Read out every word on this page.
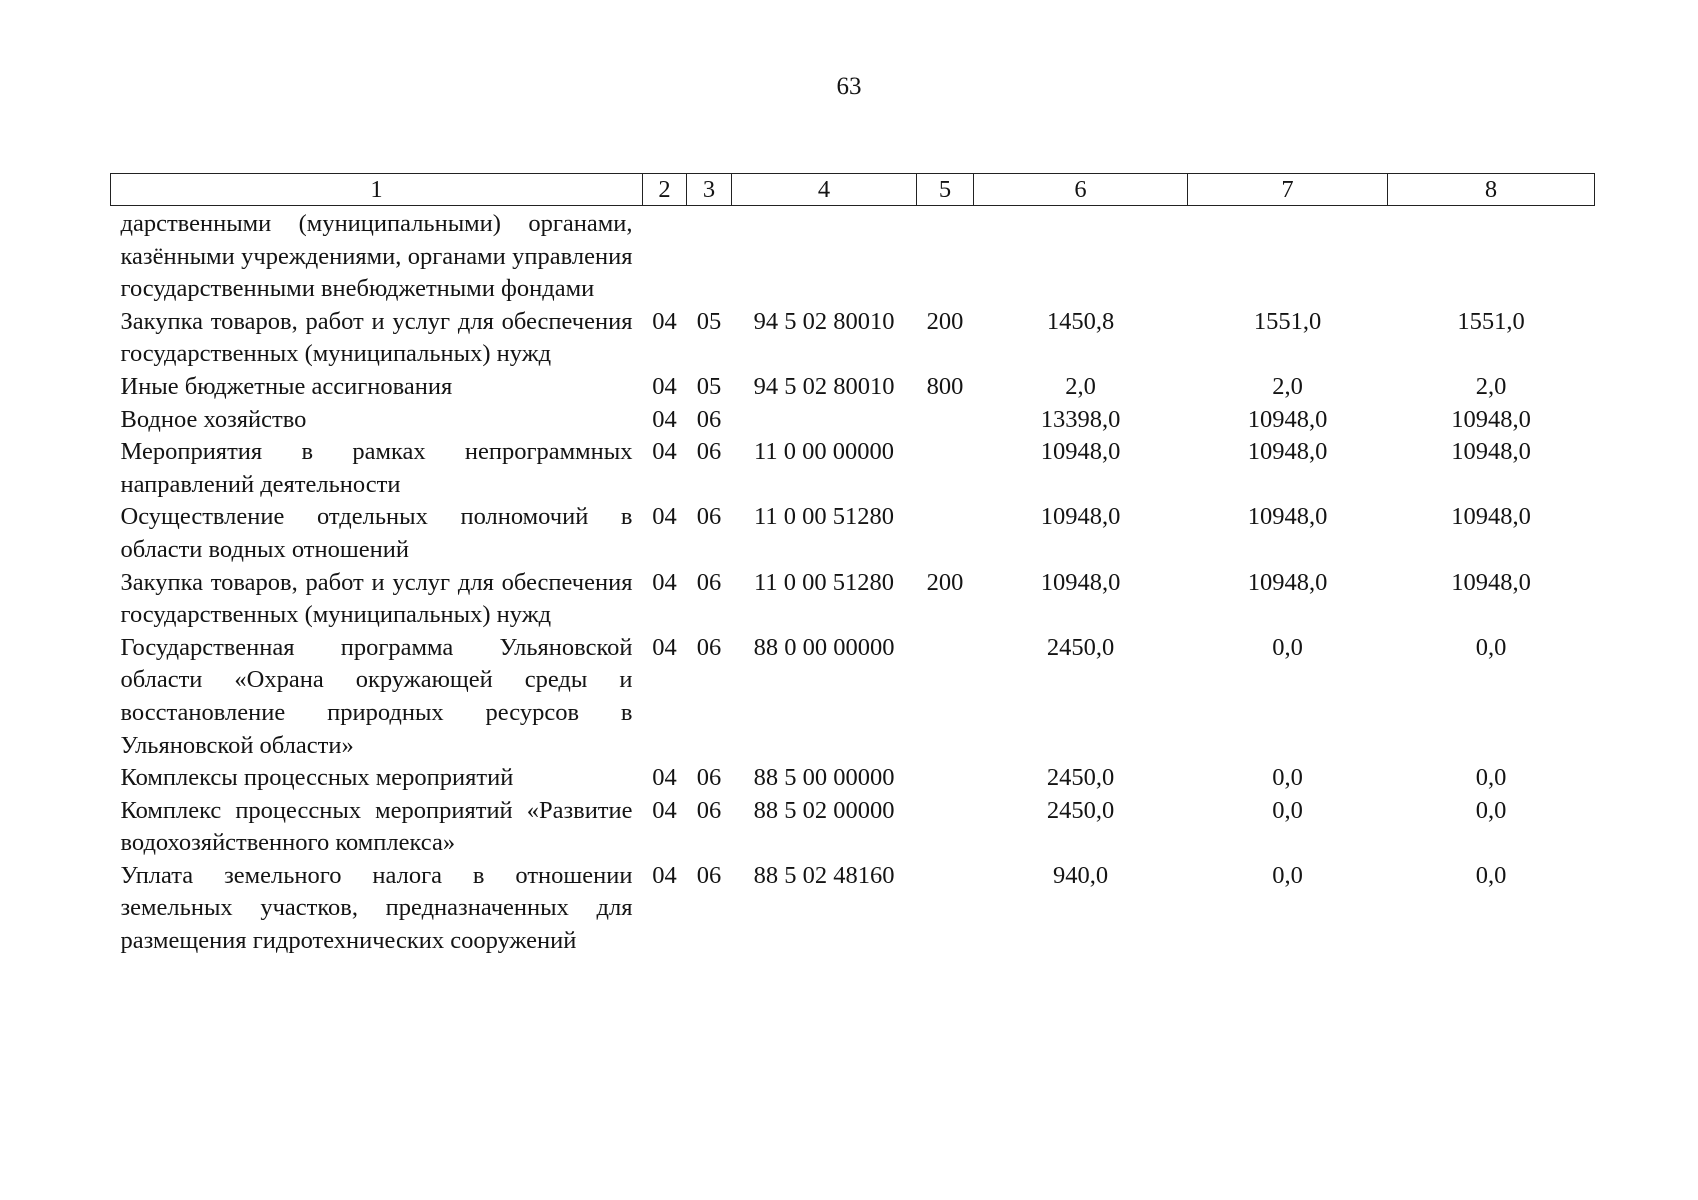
63
1	2	3	4	5	6	7	8
дарственными (муниципальными) органами, казёнными учреждениями, органами управления государственными внебюджетными фондами							
Закупка товаров, работ и услуг для обеспечения государственных (муниципальных) нужд	04	05	94 5 02 80010	200	1450,8	1551,0	1551,0
Иные бюджетные ассигнования	04	05	94 5 02 80010	800	2,0	2,0	2,0
Водное хозяйство	04	06			13398,0	10948,0	10948,0
Мероприятия в рамках непрограммных направлений деятельности	04	06	11 0 00 00000		10948,0	10948,0	10948,0
Осуществление отдельных полномочий в области водных отношений	04	06	11 0 00 51280		10948,0	10948,0	10948,0
Закупка товаров, работ и услуг для обеспечения государственных (муниципальных) нужд	04	06	11 0 00 51280	200	10948,0	10948,0	10948,0
Государственная программа Ульяновской области «Охрана окружающей среды и восстановление природных ресурсов в Ульяновской области»	04	06	88 0 00 00000		2450,0	0,0	0,0
Комплексы процессных мероприятий	04	06	88 5 00 00000		2450,0	0,0	0,0
Комплекс процессных мероприятий «Развитие водохозяйственного комплекса»	04	06	88 5 02 00000		2450,0	0,0	0,0
Уплата земельного налога в отношении земельных участков, предназначенных для размещения гидротехнических сооружений	04	06	88 5 02 48160		940,0	0,0	0,0
